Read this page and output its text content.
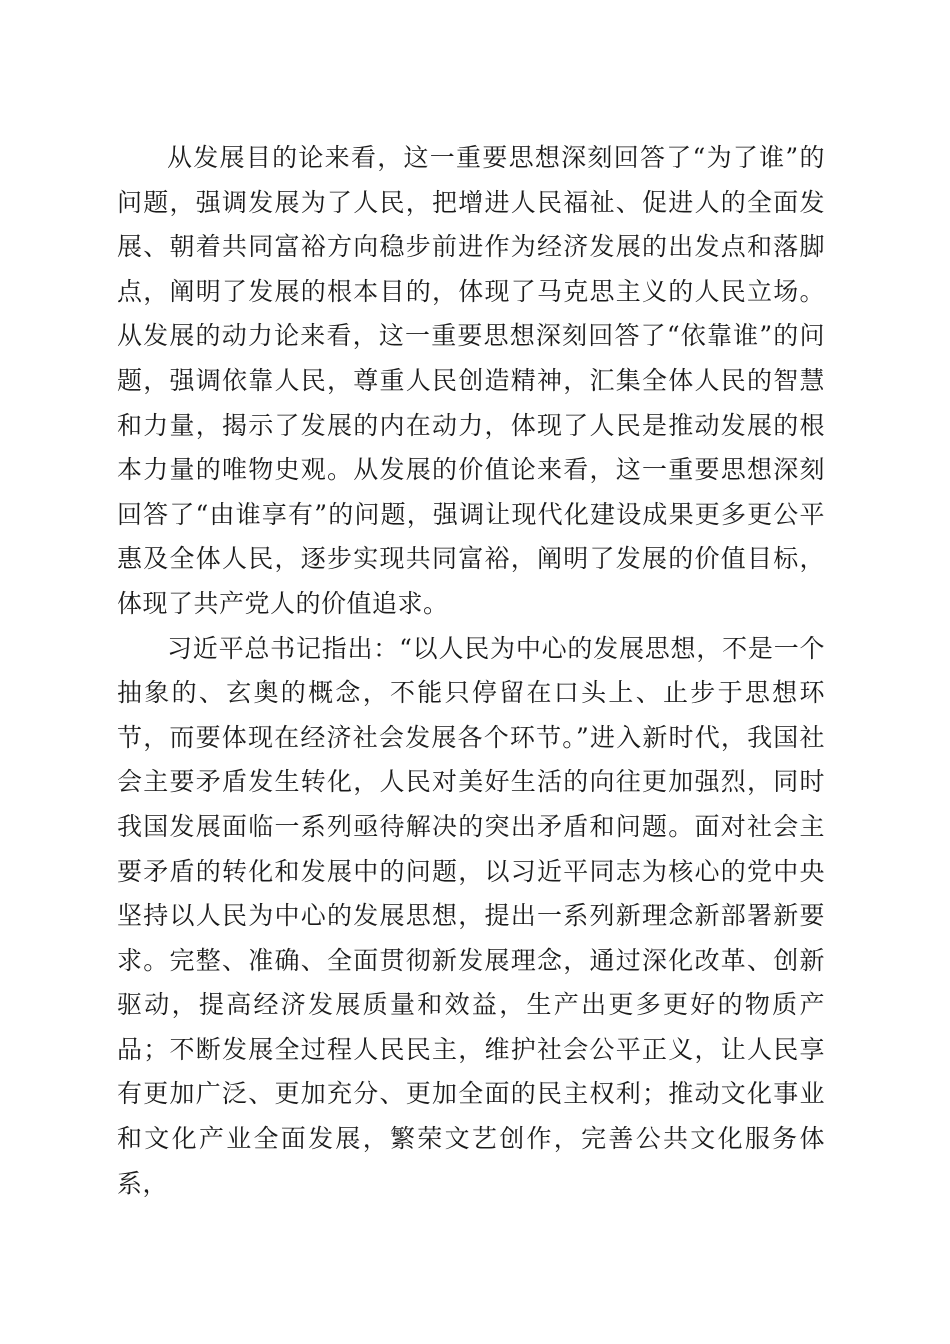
从发展目的论来看，这一重要思想深刻回答了“为了谁”的问题，强调发展为了人民，把增进人民福祉、促进人的全面发展、朝着共同富裕方向稳步前进作为经济发展的出发点和落脚点，阐明了发展的根本目的，体现了马克思主义的人民立场。从发展的动力论来看，这一重要思想深刻回答了“依靠谁”的问题，强调依靠人民，尊重人民创造精神，汇集全体人民的智慧和力量，揭示了发展的内在动力，体现了人民是推动发展的根本力量的唯物史观。从发展的价值论来看，这一重要思想深刻回答了“由谁享有”的问题，强调让现代化建设成果更多更公平惠及全体人民，逐步实现共同富裕，阐明了发展的价值目标，体现了共产党人的价值追求。

习近平总书记指出：“以人民为中心的发展思想，不是一个抽象的、玄奥的概念，不能只停留在口头上、止步于思想环节，而要体现在经济社会发展各个环节。”进入新时代，我国社会主要矛盾发生转化，人民对美好生活的向往更加强烈，同时我国发展面临一系列亟待解决的突出矛盾和问题。面对社会主要矛盾的转化和发展中的问题，以习近平同志为核心的党中央坚持以人民为中心的发展思想，提出一系列新理念新部署新要求。完整、准确、全面贯彻新发展理念，通过深化改革、创新驱动，提高经济发展质量和效益，生产出更多更好的物质产品；不断发展全过程人民民主，维护社会公平正义，让人民享有更加广泛、更加充分、更加全面的民主权利；推动文化事业和文化产业全面发展，繁荣文艺创作，完善公共文化服务体系，
